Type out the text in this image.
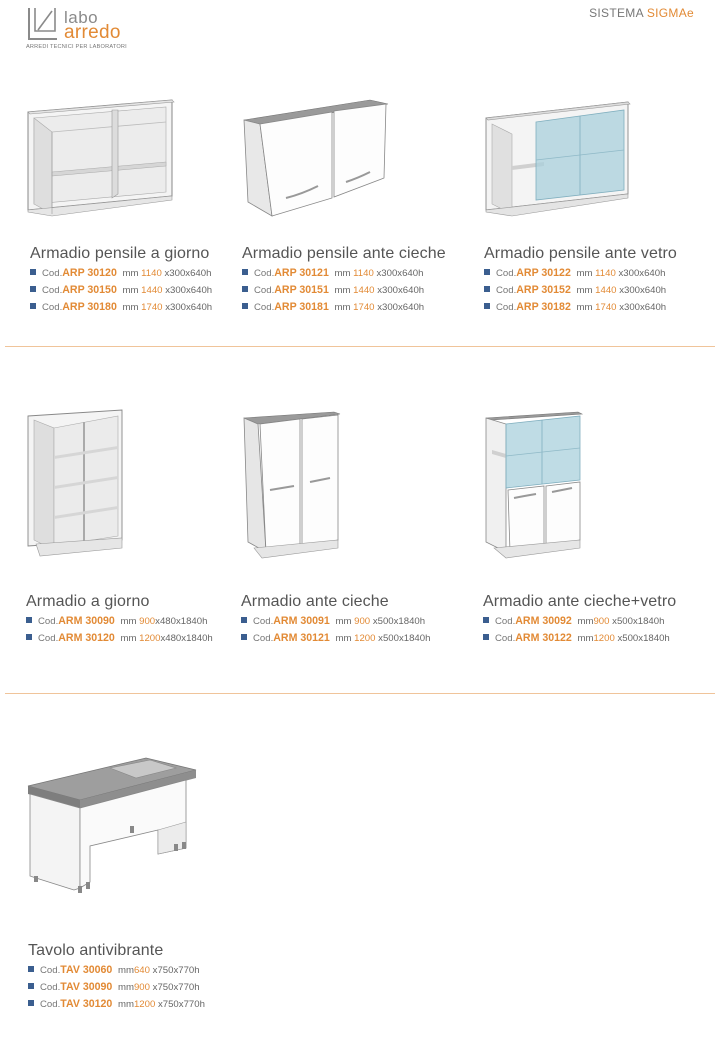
labo
arredo
ARREDI TECNICI PER LABORATORI
SISTEMA SIGMAe
Armadio pensile a giorno
Cod.ARP 30120 mm 1140 x300x640h
Cod.ARP 30150 mm 1440 x300x640h
Cod.ARP 30180 mm 1740 x300x640h
Armadio pensile ante cieche
Cod.ARP 30121 mm 1140 x300x640h
Cod.ARP 30151 mm 1440 x300x640h
Cod.ARP 30181 mm 1740 x300x640h
Armadio pensile ante vetro
Cod.ARP 30122 mm 1140 x300x640h
Cod.ARP 30152 mm 1440 x300x640h
Cod.ARP 30182 mm 1740 x300x640h
Armadio a giorno
Cod.ARM 30090 mm 900x480x1840h
Cod.ARM 30120 mm 1200x480x1840h
Armadio ante cieche
Cod.ARM 30091 mm 900 x500x1840h
Cod.ARM 30121 mm 1200 x500x1840h
Armadio ante cieche+vetro
Cod.ARM 30092 mm900 x500x1840h
Cod.ARM 30122 mm1200 x500x1840h
Tavolo antivibrante
Cod.TAV 30060 mm640 x750x770h
Cod.TAV 30090 mm900 x750x770h
Cod.TAV 30120 mm1200 x750x770h
